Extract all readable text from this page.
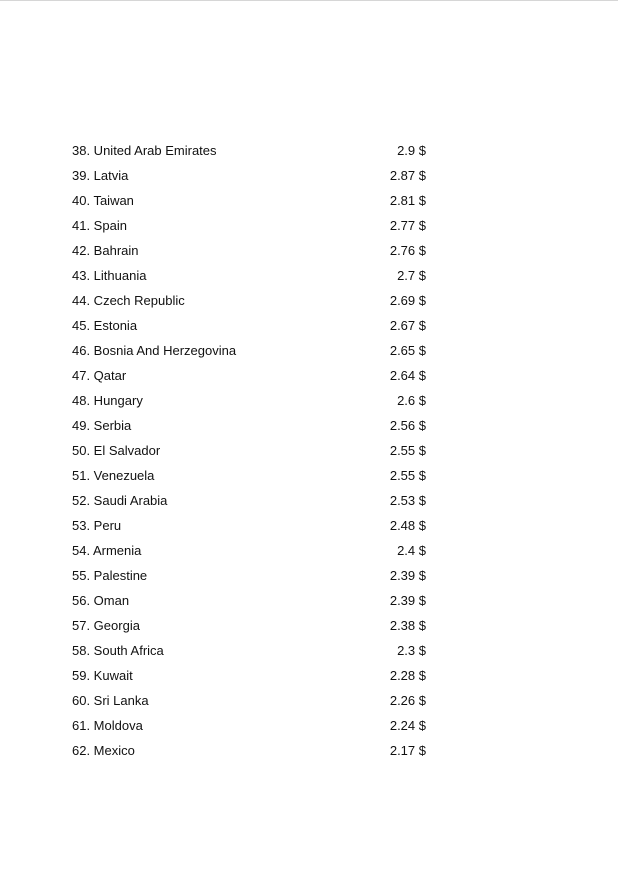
38. United Arab Emirates	2.9 $
39. Latvia	2.87 $
40. Taiwan	2.81 $
41. Spain	2.77 $
42. Bahrain	2.76 $
43. Lithuania	2.7 $
44. Czech Republic	2.69 $
45. Estonia	2.67 $
46. Bosnia And Herzegovina	2.65 $
47. Qatar	2.64 $
48. Hungary	2.6 $
49. Serbia	2.56 $
50. El Salvador	2.55 $
51. Venezuela	2.55 $
52. Saudi Arabia	2.53 $
53. Peru	2.48 $
54. Armenia	2.4 $
55. Palestine	2.39 $
56. Oman	2.39 $
57. Georgia	2.38 $
58. South Africa	2.3 $
59. Kuwait	2.28 $
60. Sri Lanka	2.26 $
61. Moldova	2.24 $
62. Mexico	2.17 $
